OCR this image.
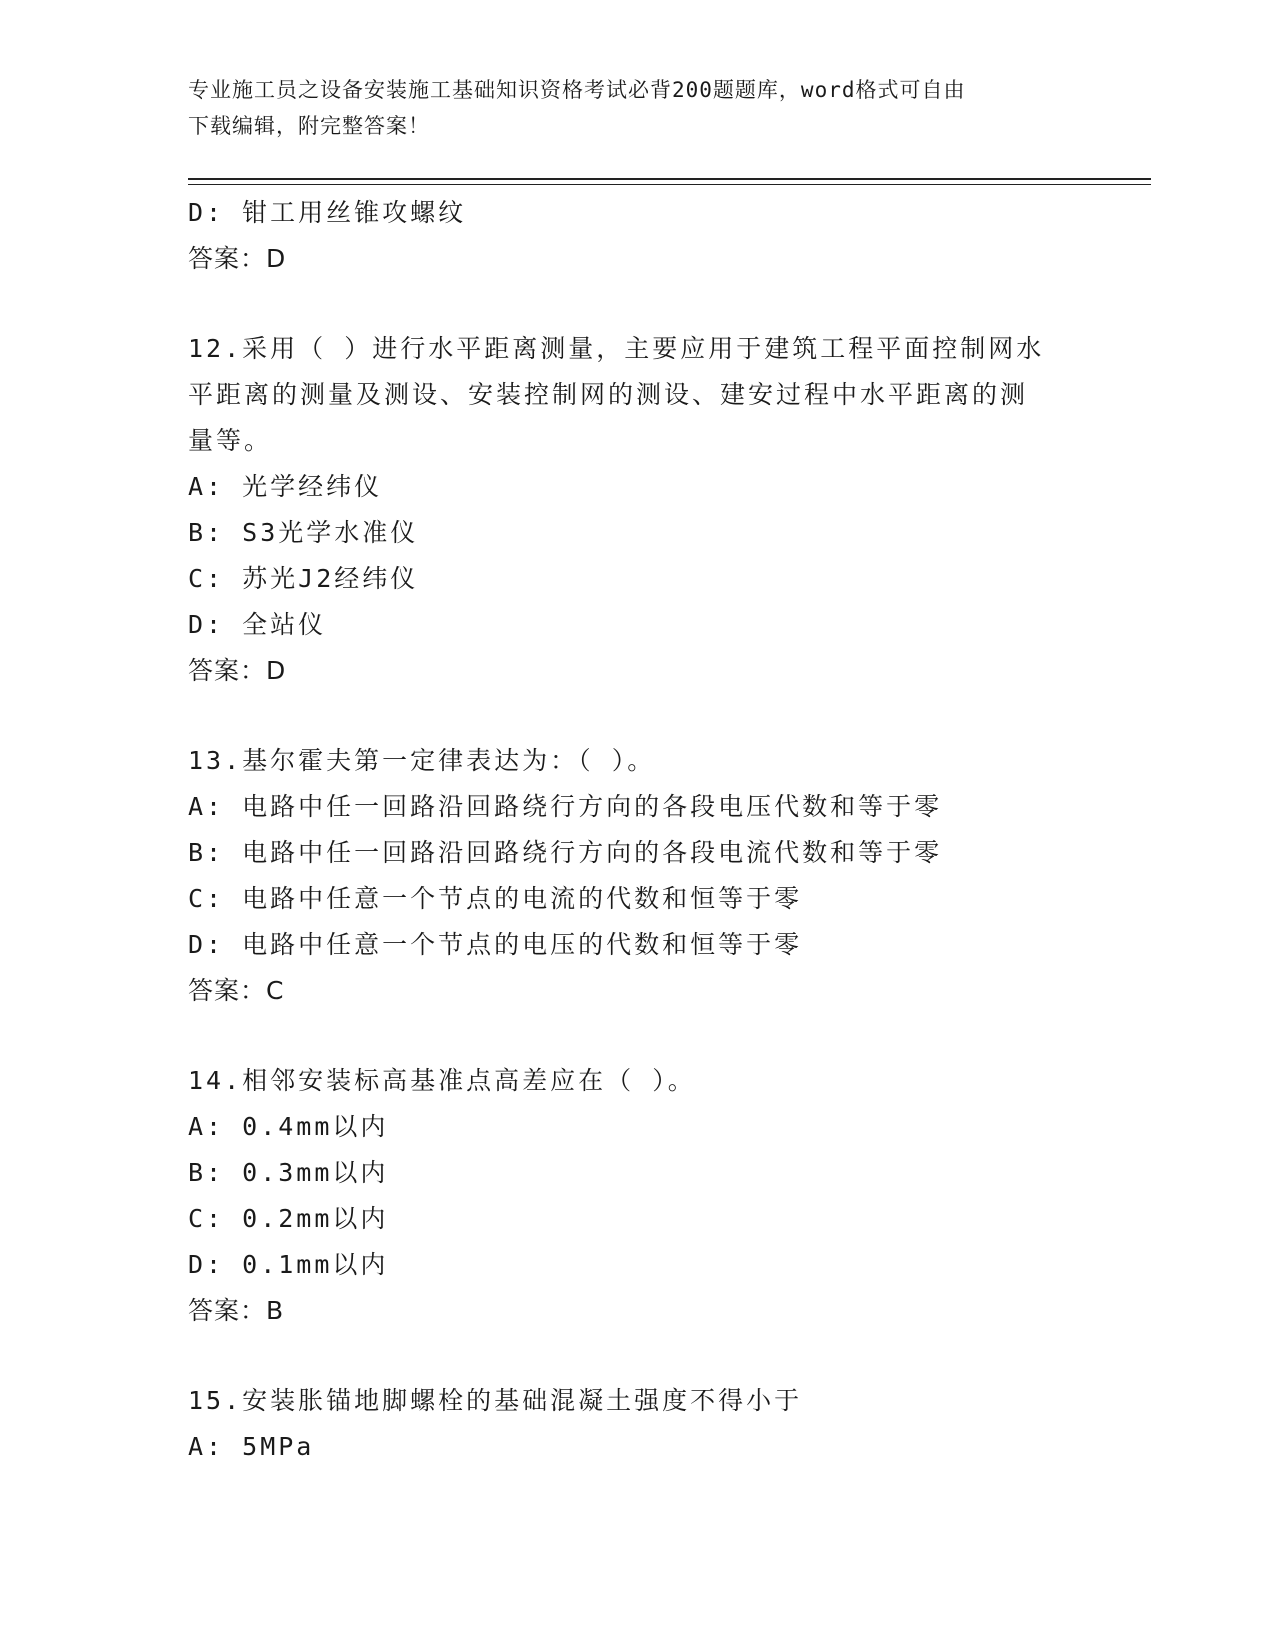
专业施工员之设备安装施工基础知识资格考试必背200题题库，word格式可自由
下载编辑，附完整答案！
D: 钳工用丝锥攻螺纹
答案：D
12.采用（ ）进行水平距离测量，主要应用于建筑工程平面控制网水
平距离的测量及测设、安装控制网的测设、建安过程中水平距离的测
量等。
A: 光学经纬仪
B: S3光学水准仪
C: 苏光J2经纬仪
D: 全站仪
答案：D
13.基尔霍夫第一定律表达为：（ ）。
A: 电路中任一回路沿回路绕行方向的各段电压代数和等于零
B: 电路中任一回路沿回路绕行方向的各段电流代数和等于零
C: 电路中任意一个节点的电流的代数和恒等于零
D: 电路中任意一个节点的电压的代数和恒等于零
答案：C
14.相邻安装标高基准点高差应在（ ）。
A: 0.4mm以内
B: 0.3mm以内
C: 0.2mm以内
D: 0.1mm以内
答案：B
15.安装胀锚地脚螺栓的基础混凝土强度不得小于
A: 5MPa
